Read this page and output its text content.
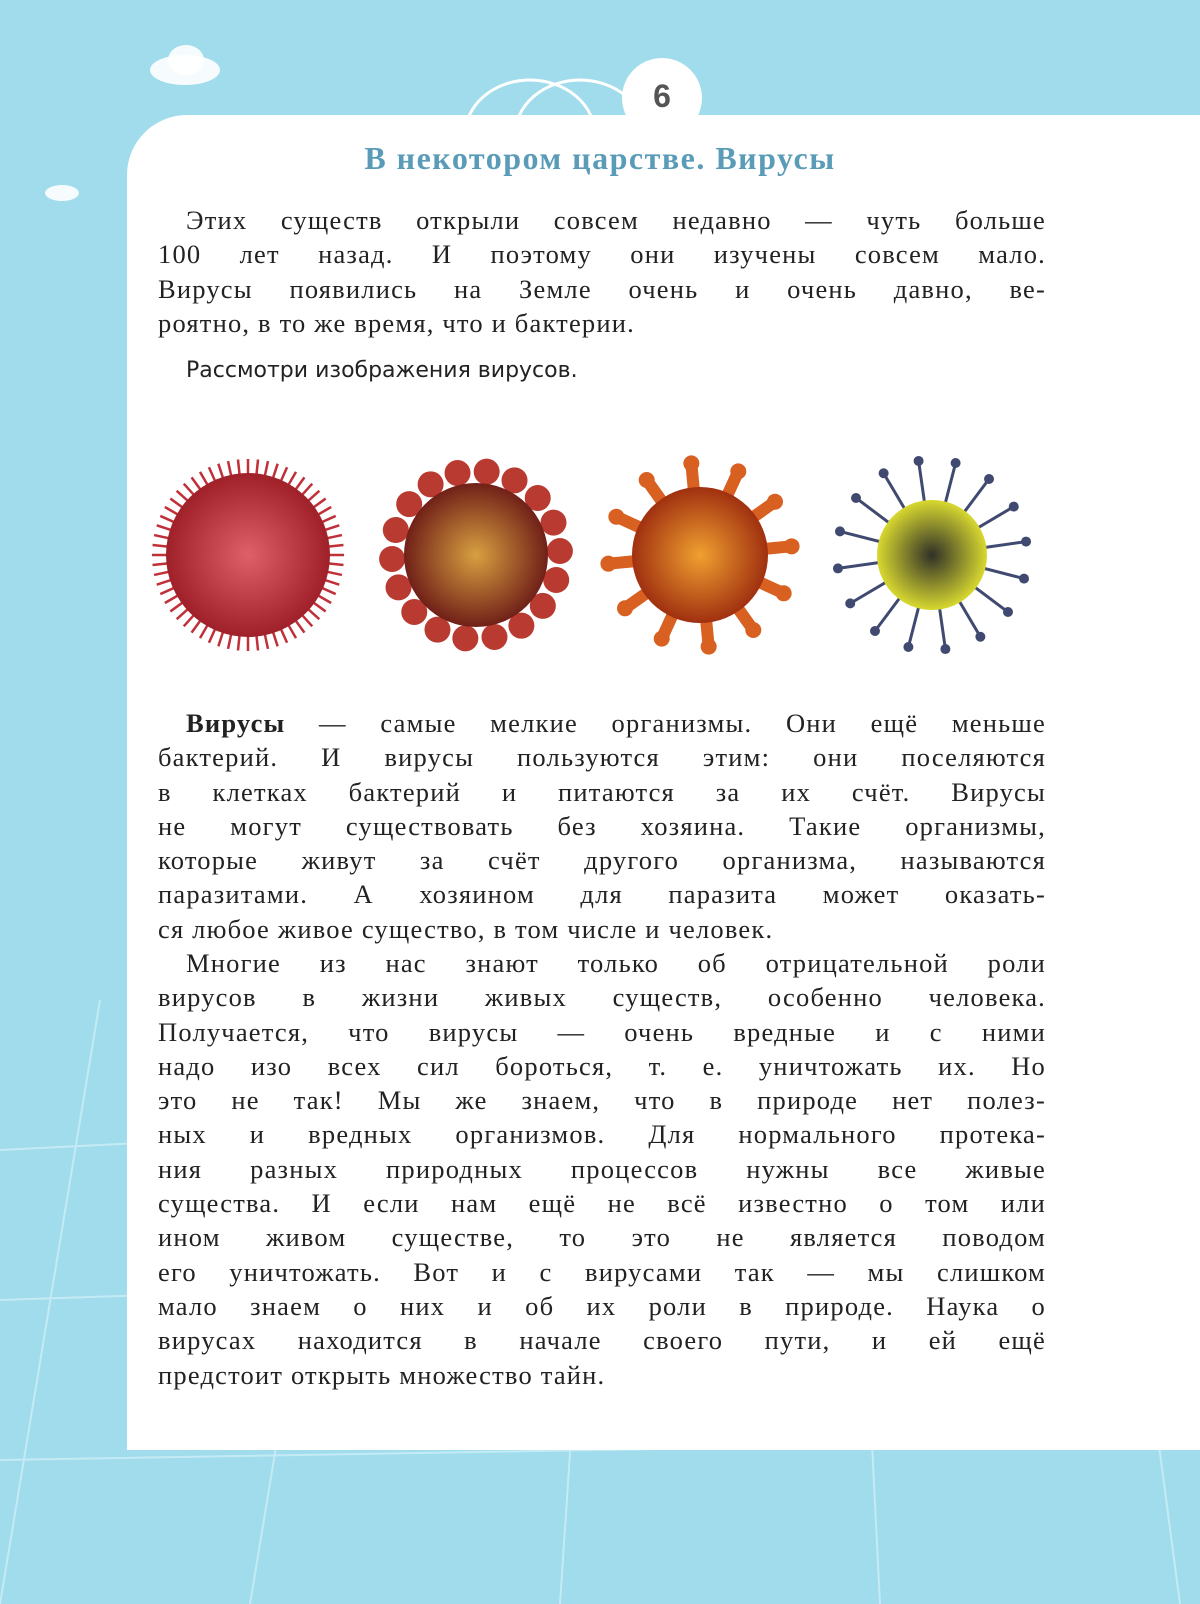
6
В некотором царстве. Вирусы
Этих существ открыли совсем недавно — чуть больше
100 лет назад. И поэтому они изучены совсем мало.
Вирусы появились на Земле очень и очень давно, ве-
роятно, в то же время, что и бактерии.
Рассмотри изображения вирусов.
Вирусы — самые мелкие организмы. Они ещё меньше
бактерий. И вирусы пользуются этим: они поселяются
в клетках бактерий и питаются за их счёт. Вирусы
не могут существовать без хозяина. Такие организмы,
которые живут за счёт другого организма, называются
паразитами. А хозяином для паразита может оказать-
ся любое живое существо, в том числе и человек.
Многие из нас знают только об отрицательной роли
вирусов в жизни живых существ, особенно человека.
Получается, что вирусы — очень вредные и с ними
надо изо всех сил бороться, т. е. уничтожать их. Но
это не так! Мы же знаем, что в природе нет полез-
ных и вредных организмов. Для нормального протека-
ния разных природных процессов нужны все живые
существа. И если нам ещё не всё известно о том или
ином живом существе, то это не является поводом
его уничтожать. Вот и с вирусами так — мы слишком
мало знаем о них и об их роли в природе. Наука о
вирусах находится в начале своего пути, и ей ещё
предстоит открыть множество тайн.
